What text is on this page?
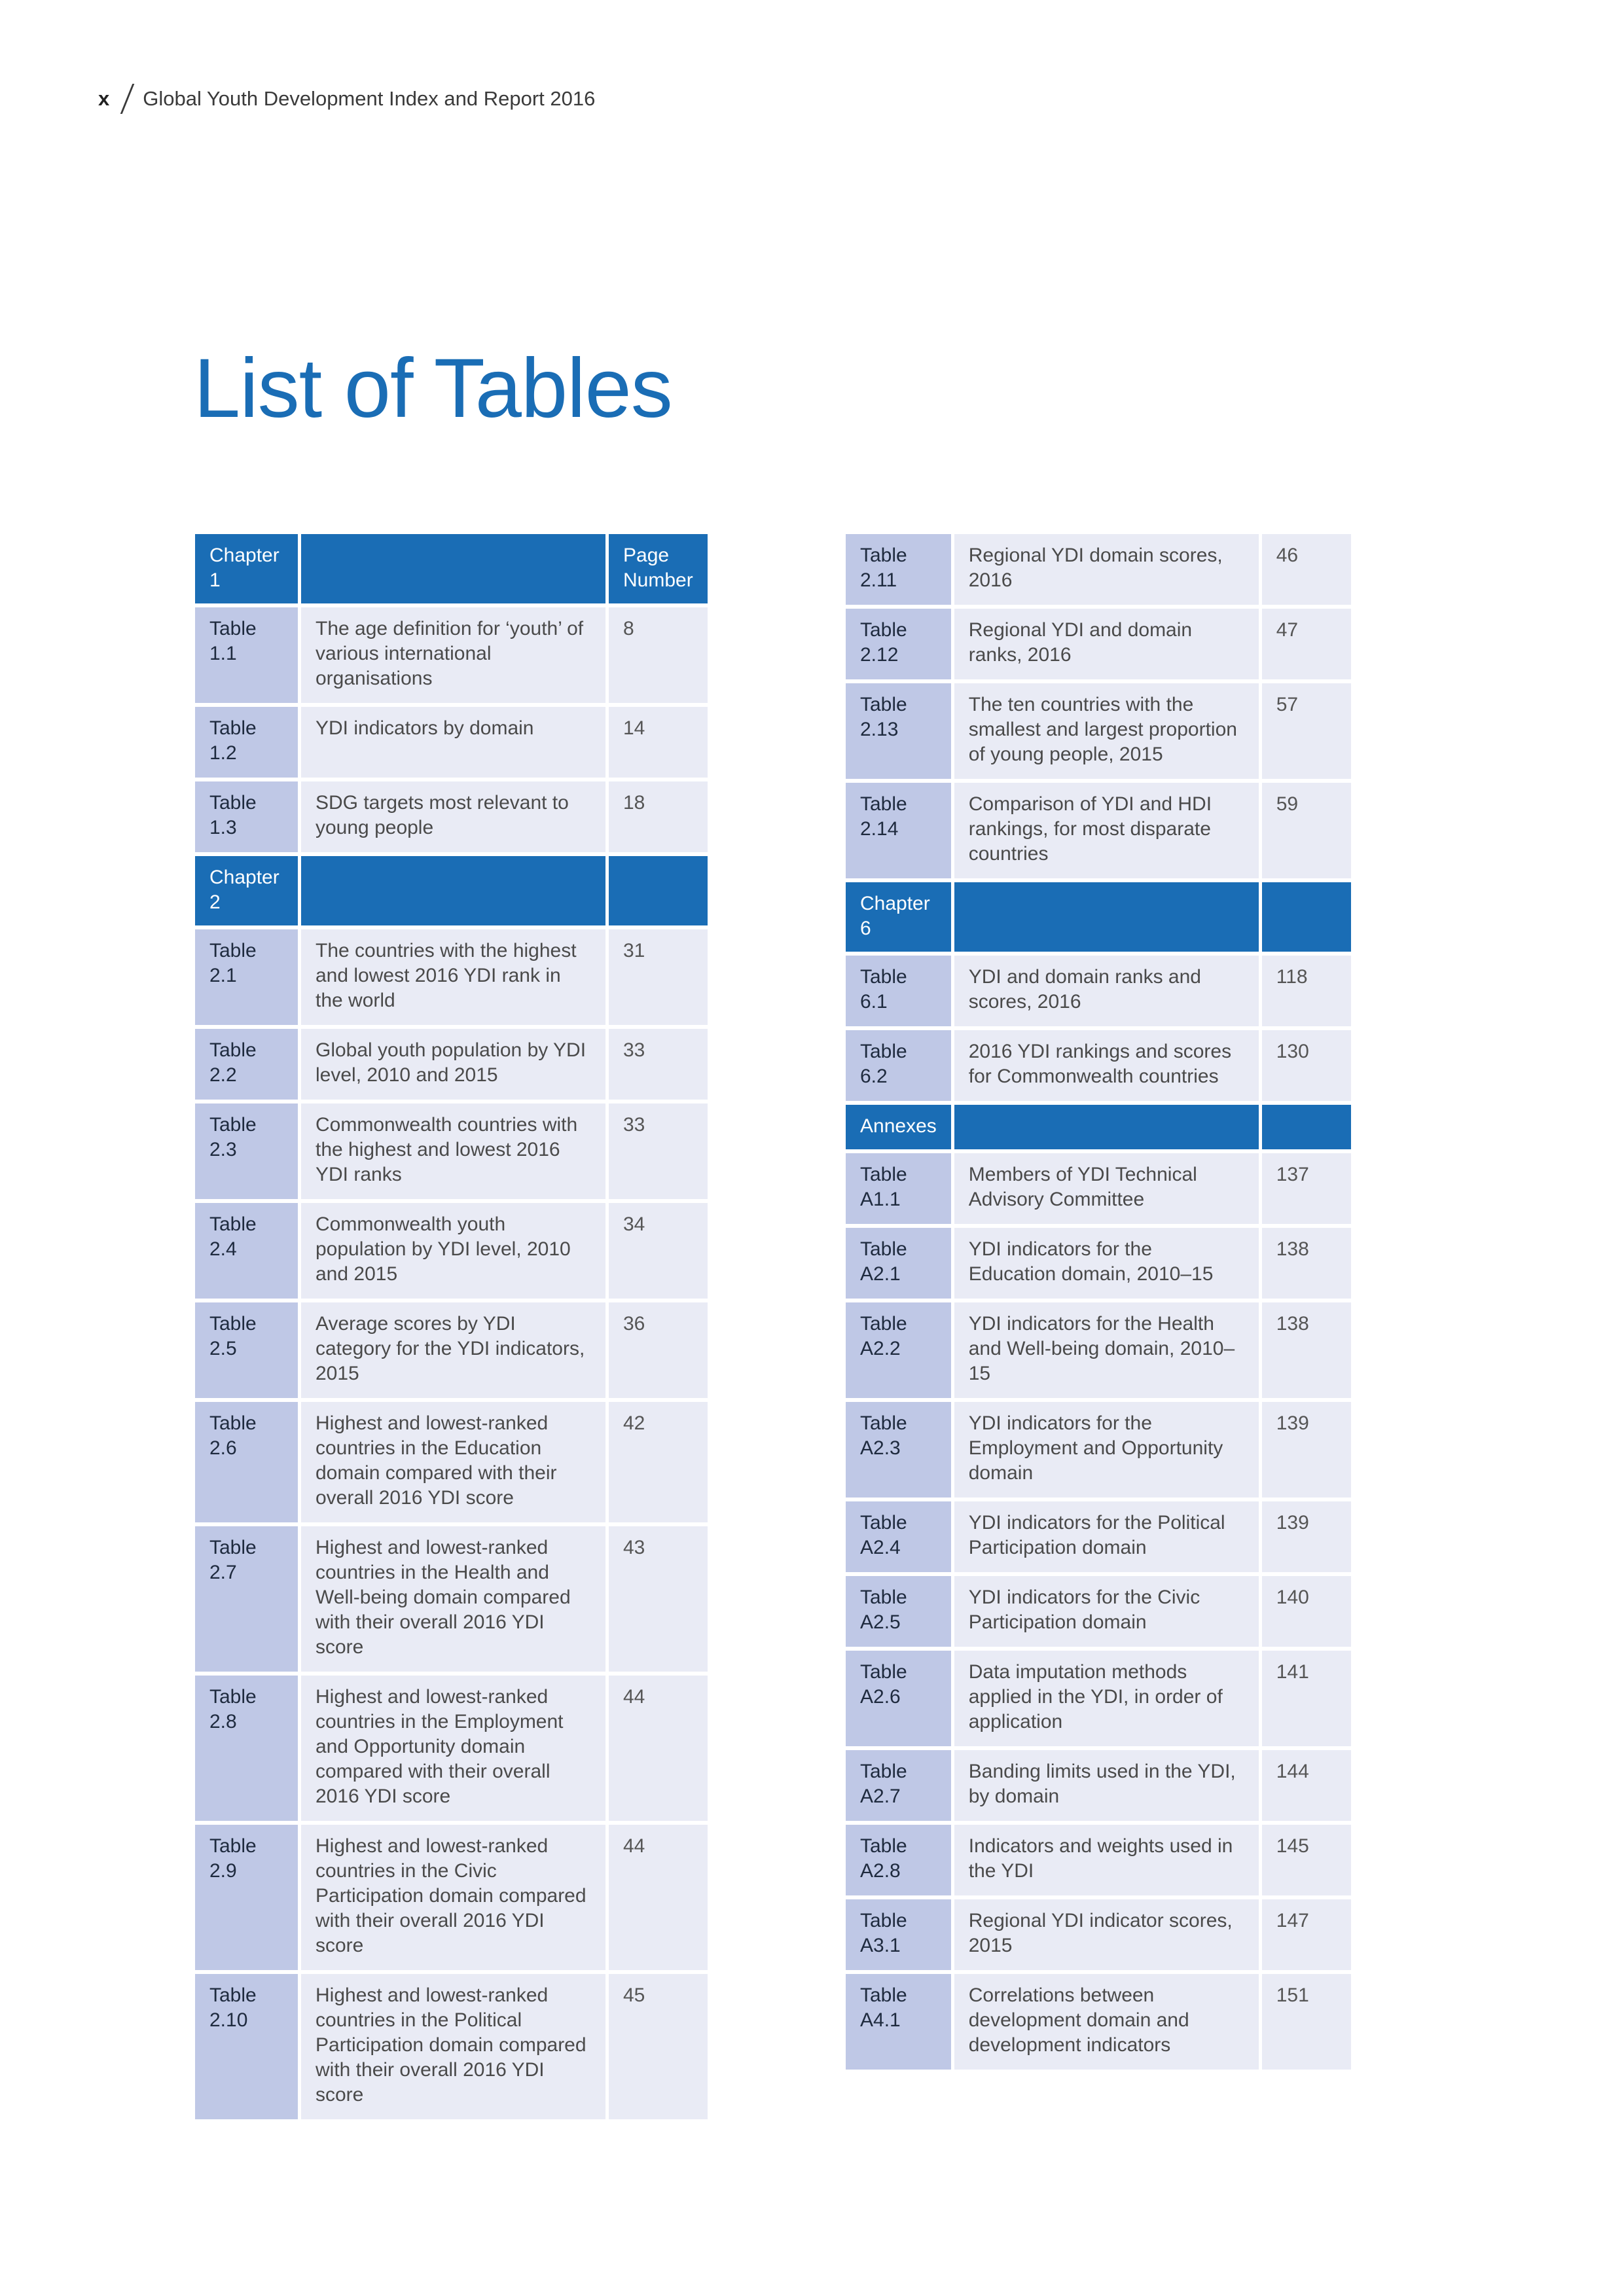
x Global Youth Development Index and Report 2016
List of Tables
Chapter 1		Page Number
Table 1.1	The age definition for ‘youth’ of various international organisations	8
Table 1.2	YDI indicators by domain	14
Table 1.3	SDG targets most relevant to young people	18
Chapter 2		
Table 2.1	The countries with the highest and lowest 2016 YDI rank in the world	31
Table 2.2	Global youth population by YDI level, 2010 and 2015	33
Table 2.3	Commonwealth countries with the highest and lowest 2016 YDI ranks	33
Table 2.4	Commonwealth youth population by YDI level, 2010 and 2015	34
Table 2.5	Average scores by YDI category for the YDI indicators, 2015	36
Table 2.6	Highest and lowest-ranked countries in the Education domain compared with their overall 2016 YDI score	42
Table 2.7	Highest and lowest-ranked countries in the Health and Well-being domain compared with their overall 2016 YDI score	43
Table 2.8	Highest and lowest-ranked countries in the Employment and Opportunity domain compared with their overall 2016 YDI score	44
Table 2.9	Highest and lowest-ranked countries in the Civic Participation domain compared with their overall 2016 YDI score	44
Table 2.10	Highest and lowest-ranked countries in the Political Participation domain compared with their overall 2016 YDI score	45
Table 2.11	Regional YDI domain scores, 2016	46
Table 2.12	Regional YDI and domain ranks, 2016	47
Table 2.13	The ten countries with the smallest and largest proportion of young people, 2015	57
Table 2.14	Comparison of YDI and HDI rankings, for most disparate countries	59
Chapter 6		
Table 6.1	YDI and domain ranks and scores, 2016	118
Table 6.2	2016 YDI rankings and scores for Commonwealth countries	130
Annexes		
Table A1.1	Members of YDI Technical Advisory Committee	137
Table A2.1	YDI indicators for the Education domain, 2010–15	138
Table A2.2	YDI indicators for the Health and Well-being domain, 2010–15	138
Table A2.3	YDI indicators for the Employment and Opportunity domain	139
Table A2.4	YDI indicators for the Political Participation domain	139
Table A2.5	YDI indicators for the Civic Participation domain	140
Table A2.6	Data imputation methods applied in the YDI, in order of application	141
Table A2.7	Banding limits used in the YDI, by domain	144
Table A2.8	Indicators and weights used in the YDI	145
Table A3.1	Regional YDI indicator scores, 2015	147
Table A4.1	Correlations between development domain and development indicators	151
